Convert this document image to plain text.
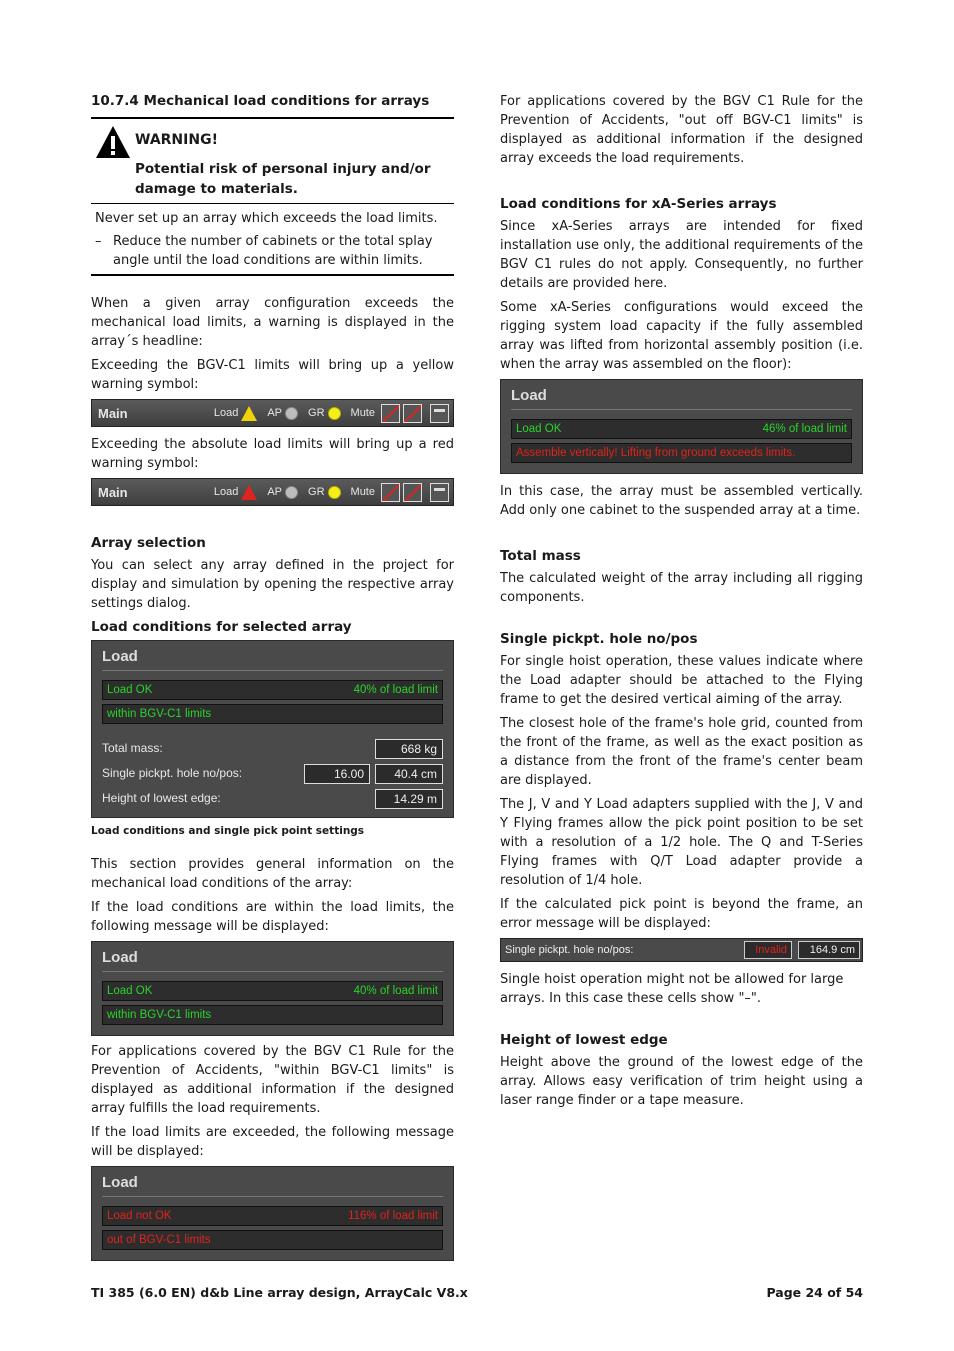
10.7.4 Mechanical load conditions for arrays
WARNING!
Potential risk of personal injury and/or damage to materials.
Never set up an array which exceeds the load limits.
– Reduce the number of cabinets or the total splay angle until the load conditions are within limits.

When a given array configuration exceeds the mechanical load limits, a warning is displayed in the array´s headline:

Exceeding the BGV-C1 limits will bring up a yellow warning symbol:

Main	Load	AP GR Mute

Exceeding the absolute load limits will bring up a red warning symbol:

Main	Load	AP GR Mute
Array selection

You can select any array defined in the project for display and simulation by opening the respective array settings dialog.

Load conditions for selected array
Load
Load OK	40% of load limit
within BGV-C1 limits
Total mass:	668 kg
Single pickpt. hole no/pos:	16.00	40.4 cm
Height of lowest edge:	14.29 m
Load conditions and single pick point settings

This section provides general information on the mechanical load conditions of the array:

If the load conditions are within the load limits, the following message will be displayed:

Load
Load OK	40% of load limit
within BGV-C1 limits

For applications covered by the BGV C1 Rule for the Prevention of Accidents, "within BGV-C1 limits" is displayed as additional information if the designed array fulfills the load requirements.

If the load limits are exceeded, the following message will be displayed:

Load
Load not OK	116% of load limit
out of BGV-C1 limits

For applications covered by the BGV C1 Rule for the Prevention of Accidents, "out off BGV-C1 limits" is displayed as additional information if the designed array exceeds the load requirements.

Load conditions for xA-Series arrays

Since xA-Series arrays are intended for fixed installation use only, the additional requirements of the BGV C1 rules do not apply. Consequently, no further details are provided here.

Some xA-Series configurations would exceed the rigging system load capacity if the fully assembled array was lifted from horizontal assembly position (i.e. when the array was assembled on the floor):

Load
Load OK	46% of load limit
Assemble vertically! Lifting from ground exceeds limits.

In this case, the array must be assembled vertically. Add only one cabinet to the suspended array at a time.

Total mass

The calculated weight of the array including all rigging components.

Single pickpt. hole no/pos

For single hoist operation, these values indicate where the Load adapter should be attached to the Flying frame to get the desired vertical aiming of the array.

The closest hole of the frame's hole grid, counted from the front of the frame, as well as the exact position as a distance from the front of the frame's center beam are displayed.

The J, V and Y Load adapters supplied with the J, V and Y Flying frames allow the pick point position to be set with a resolution of a 1/2 hole. The Q and T-Series Flying frames with Q/T Load adapter provide a resolution of 1/4 hole.

If the calculated pick point is beyond the frame, an error message will be displayed:

Single pickpt. hole no/pos:	Invalid	164.9 cm

Single hoist operation might not be allowed for large arrays. In this case these cells show "–".

Height of lowest edge

Height above the ground of the lowest edge of the array. Allows easy verification of trim height using a laser range finder or a tape measure.

TI 385 (6.0 EN) d&b Line array design, ArrayCalc V8.x	Page 24 of 54
